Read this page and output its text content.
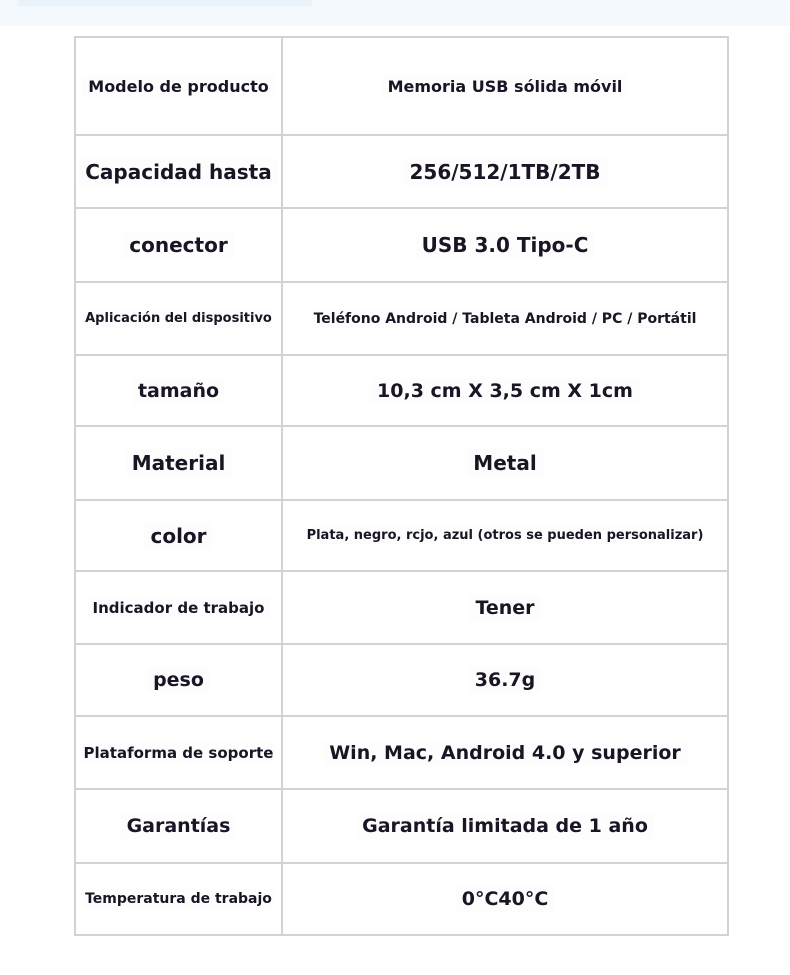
Modelo de producto	Memoria USB sólida móvil
Capacidad hasta	256/512/1TB/2TB
conector	USB 3.0 Tipo-C
Aplicación del dispositivo	Teléfono Android / Tableta Android / PC / Portátil
tamaño	10,3 cm X 3,5 cm X 1cm
Material	Metal
color	Plata, negro, rcjo, azul (otros se pueden personalizar)
Indicador de trabajo	Tener
peso	36.7g
Plataforma de soporte	Win, Mac, Android 4.0 y superior
Garantías	Garantía limitada de 1 año
Temperatura de trabajo	0°C40°C
